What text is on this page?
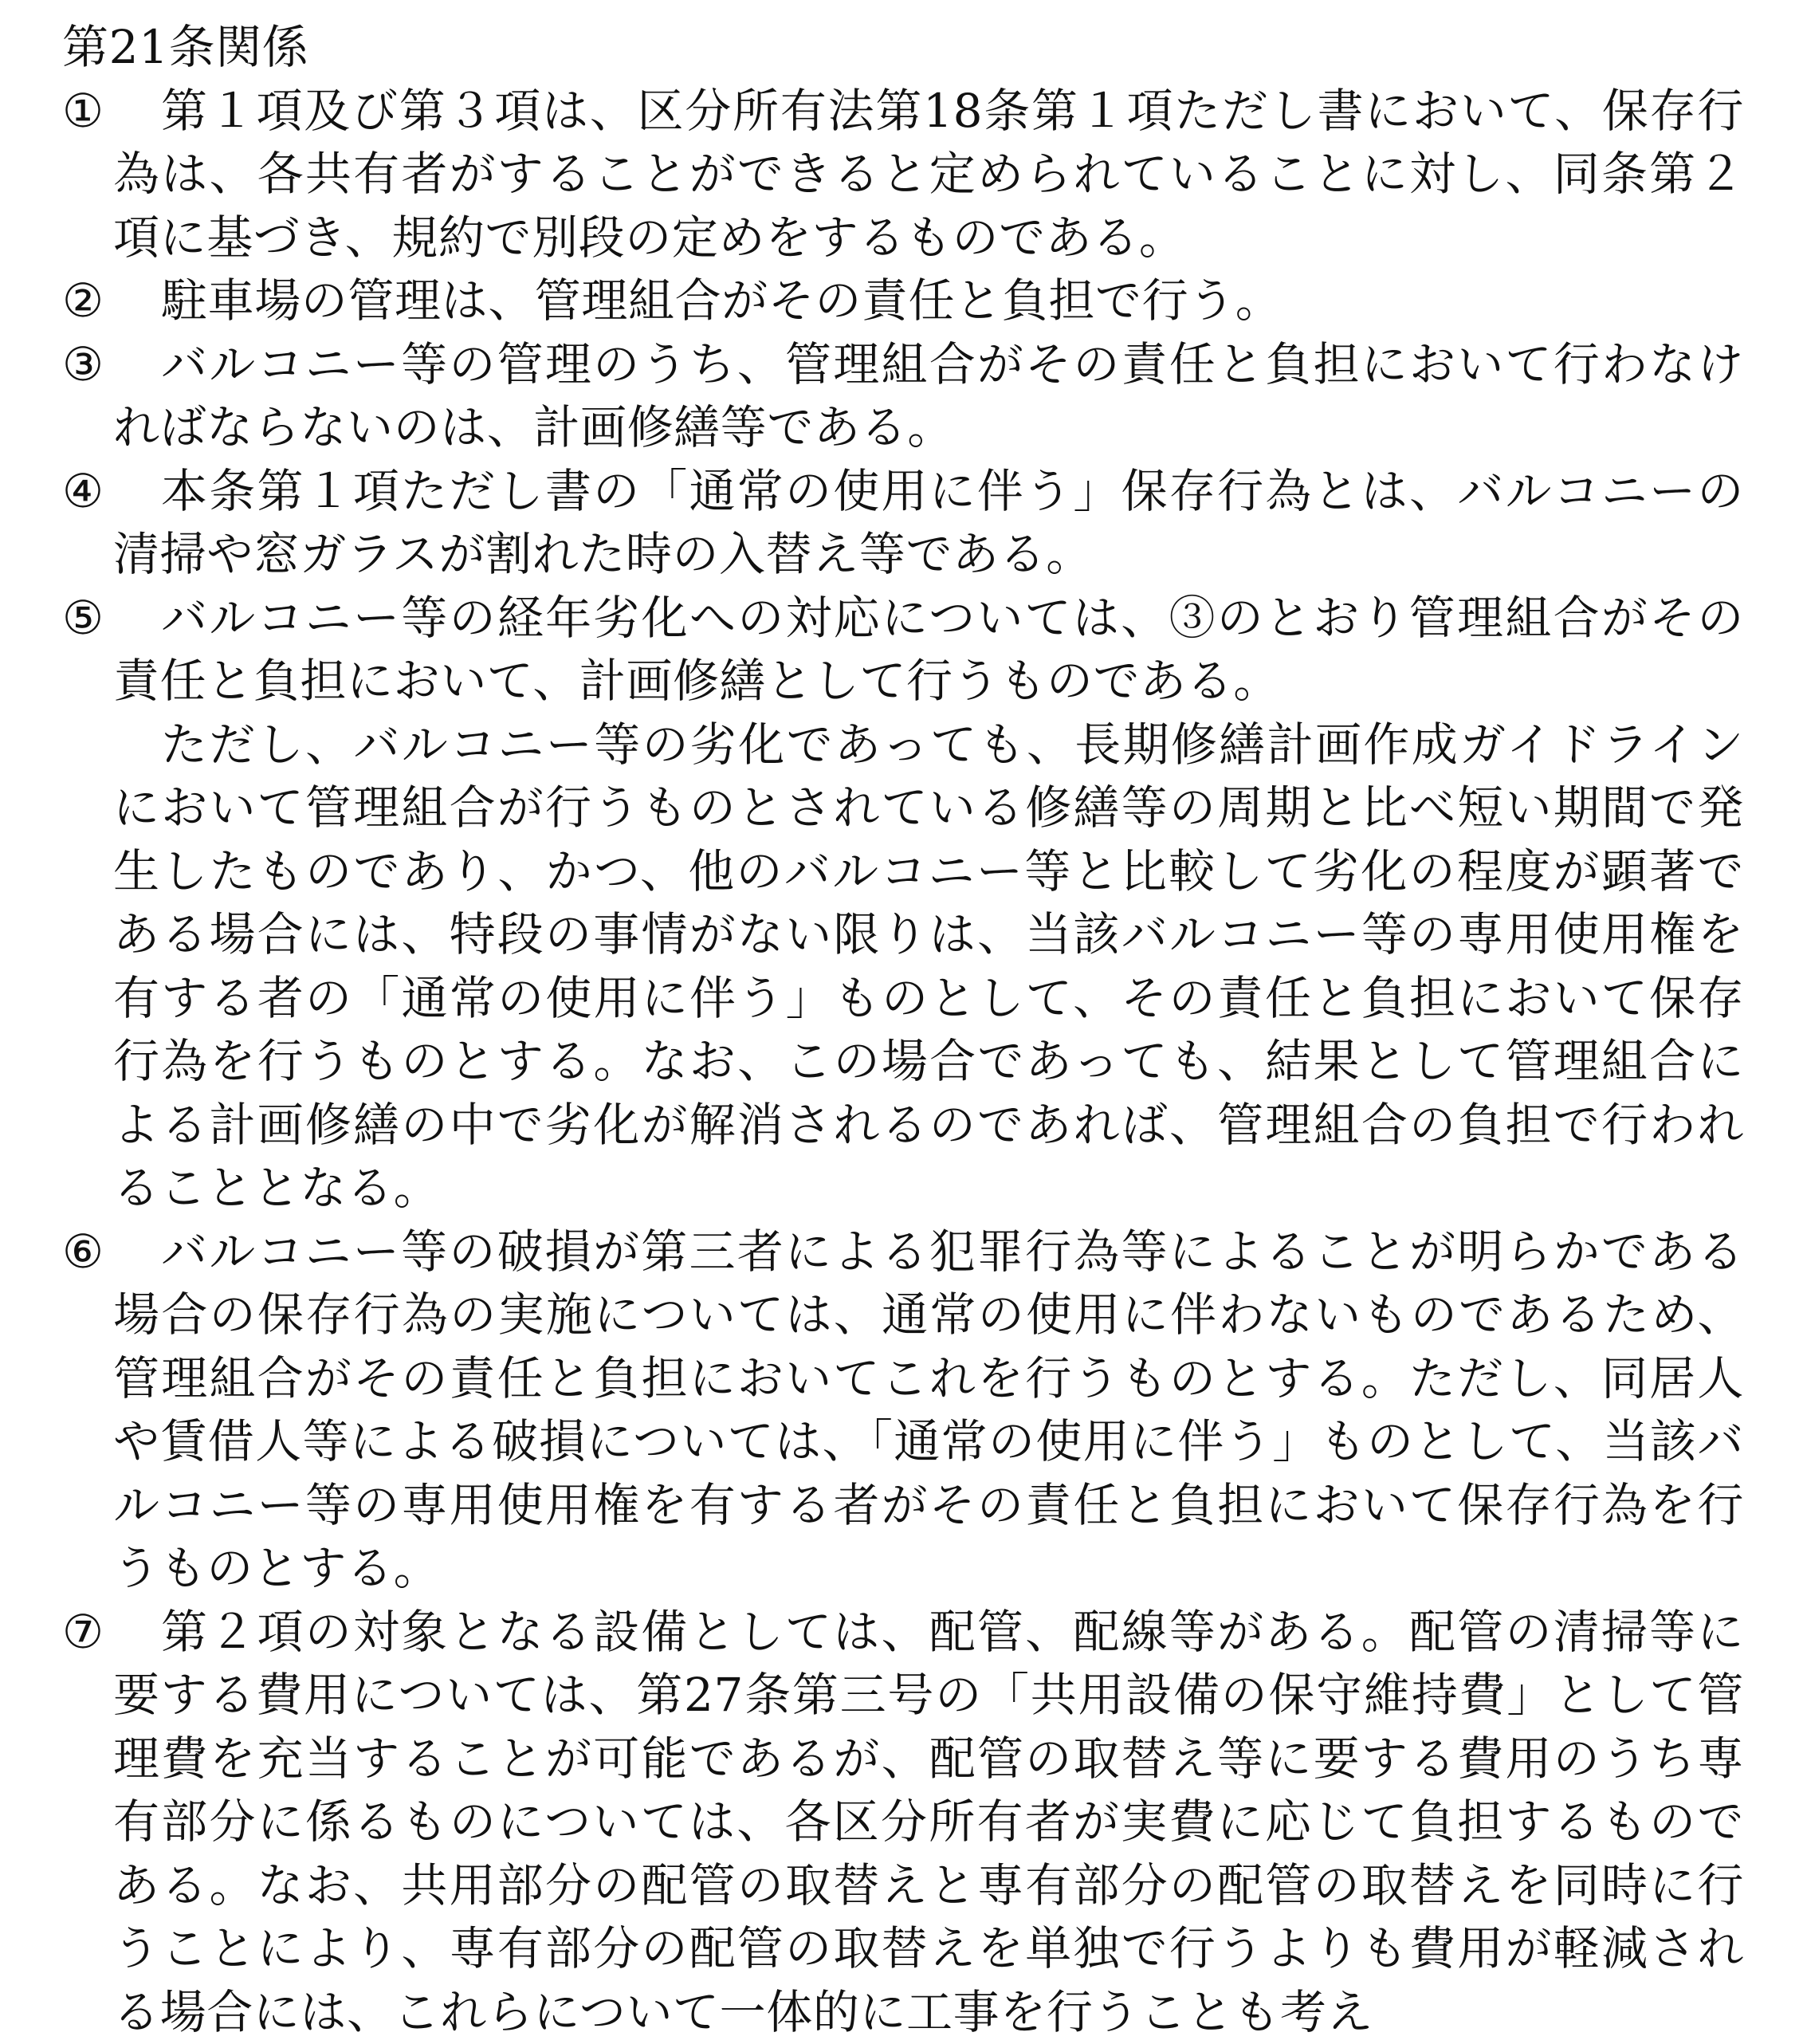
第21条関係

①	第１項及び第３項は、区分所有法第18条第１項ただし書において、保存行為は、各共有者がすることができると定められていることに対し、同条第２項に基づき、規約で別段の定めをするものである。

②	駐車場の管理は、管理組合がその責任と負担で行う。

③	バルコニー等の管理のうち、管理組合がその責任と負担において行わなければならないのは、計画修繕等である。

④	本条第１項ただし書の「通常の使用に伴う」保存行為とは、バルコニーの清掃や窓ガラスが割れた時の入替え等である。

⑤	バルコニー等の経年劣化への対応については、③のとおり管理組合がその責任と負担において、計画修繕として行うものである。

ただし、バルコニー等の劣化であっても、長期修繕計画作成ガイドラインにおいて管理組合が行うものとされている修繕等の周期と比べ短い期間で発生したものであり、かつ、他のバルコニー等と比較して劣化の程度が顕著である場合には、特段の事情がない限りは、当該バルコニー等の専用使用権を有する者の「通常の使用に伴う」ものとして、その責任と負担において保存行為を行うものとする。なお、この場合であっても、結果として管理組合による計画修繕の中で劣化が解消されるのであれば、管理組合の負担で行われることとなる。

⑥	バルコニー等の破損が第三者による犯罪行為等によることが明らかである場合の保存行為の実施については、通常の使用に伴わないものであるため、管理組合がその責任と負担においてこれを行うものとする。ただし、同居人や賃借人等による破損については、「通常の使用に伴う」ものとして、当該バルコニー等の専用使用権を有する者がその責任と負担において保存行為を行うものとする。

⑦	第２項の対象となる設備としては、配管、配線等がある。配管の清掃等に要する費用については、第27条第三号の「共用設備の保守維持費」として管理費を充当することが可能であるが、配管の取替え等に要する費用のうち専有部分に係るものについては、各区分所有者が実費に応じて負担するものである。なお、共用部分の配管の取替えと専有部分の配管の取替えを同時に行うことにより、専有部分の配管の取替えを単独で行うよりも費用が軽減される場合には、これらについて一体的に工事を行うことも考え
